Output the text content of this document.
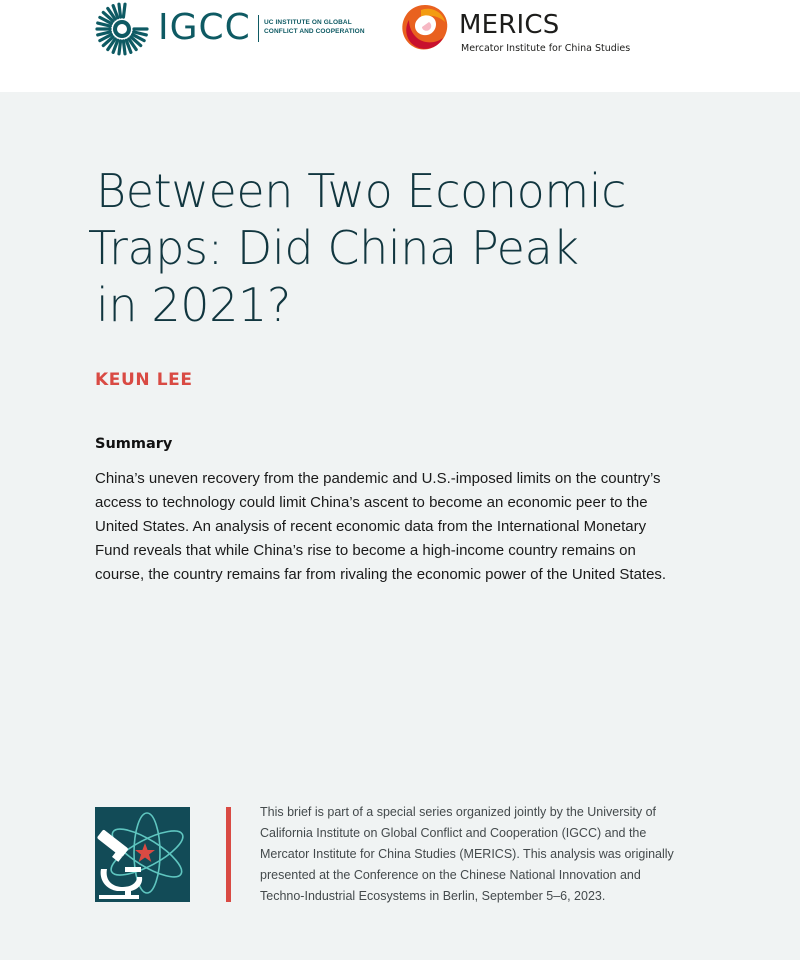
IGCC UC INSTITUTE ON GLOBAL
CONFLICT AND COOPERATION	MERICS
Mercator Institute for China Studies
Between Two Economic
Traps: Did China Peak
in 2021?
KEUN LEE
Summary
China’s uneven recovery from the pandemic and U.S.-imposed limits on the country’s
access to technology could limit China’s ascent to become an economic peer to the
United States. An analysis of recent economic data from the International Monetary
Fund reveals that while China’s rise to become a high-income country remains on
course, the country remains far from rivaling the economic power of the United States.
This brief is part of a special series organized jointly by the University of
California Institute on Global Conflict and Cooperation (IGCC) and the
Mercator Institute for China Studies (MERICS). This analysis was originally
presented at the Conference on the Chinese National Innovation and
Techno-Industrial Ecosystems in Berlin, September 5–6, 2023.
